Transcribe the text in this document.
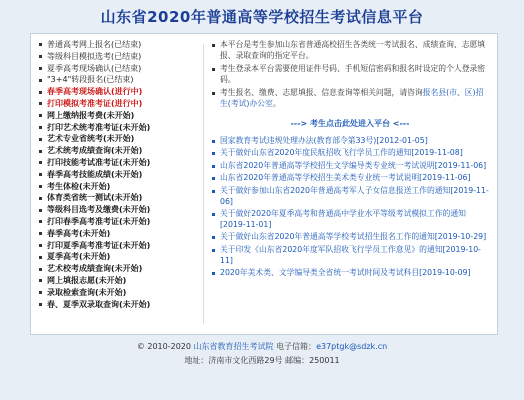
山东省2020年普通高等学校招生考试信息平台
普通高考网上报名(已结束)
等级科目模拟选考(已结束)
夏季高考现场确认(已结束)
"3+4"转段报名(已结束)
春季高考现场确认(进行中)
打印模拟考准考证(进行中)
网上缴纳报考费(未开始)
打印艺术统考准考证(未开始)
艺术专业省统考(未开始)
艺术统考成绩查询(未开始)
打印技能考试准考证(未开始)
春季高考技能成绩(未开始)
考生体检(未开始)
体育类省统一测试(未开始)
等级科目选考及缴费(未开始)
打印春季高考准考证(未开始)
春季高考(未开始)
打印夏季高考准考证(未开始)
夏季高考(未开始)
艺术校考成绩查询(未开始)
网上填报志愿(未开始)
录取检索查询(未开始)
春、夏季双录取查询(未开始)
本平台是考生参加山东省普通高校招生各类统一考试报名、成绩查询、志愿填报、录取查询的指定平台。
考生登录本平台需要使用证件号码、手机短信密码和报名时设定的个人登录密码。
考生报名、缴费、志愿填报、信息查询等相关问题，请咨询报名县(市、区)招生(考试)办公室。
---> 考生点击此处进入平台 <---
国家教育考试违规处理办法(教育部令第33号)[2012-01-05]
关于做好山东省2020年度民航招收飞行学员工作的通知[2019-11-08]
山东省2020年普通高等学校招生文学编导类专业统一考试说明[2019-11-06]
山东省2020年普通高等学校招生美术类专业统一考试说明[2019-11-06]
关于做好参加山东省2020年普通高考军人子女信息报送工作的通知[2019-11-06]
关于做好2020年夏季高考和普通高中学业水平等级考试模拟工作的通知[2019-11-01]
关于做好山东省2020年普通高等学校考试招生报名工作的通知[2019-10-29]
关于印发《山东省2020年度军队招收飞行学员工作意见》的通知[2019-10-11]
2020年美术类、文学编导类全省统一考试时间及考试科目[2019-10-09]
© 2010-2020 山东省教育招生考试院 电子信箱：e37ptgk@sdzk.cn
地址：济南市文化西路29号 邮编：250011
